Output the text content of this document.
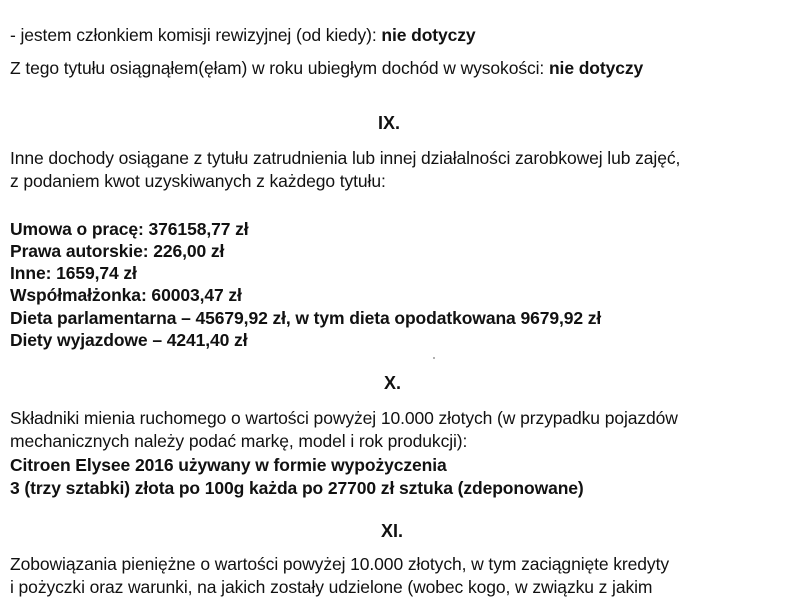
- jestem członkiem komisji rewizyjnej (od kiedy): nie dotyczy
Z tego tytułu osiągnąłem(ęłam) w roku ubiegłym dochód w wysokości: nie dotyczy
IX.
Inne dochody osiągane z tytułu zatrudnienia lub innej działalności zarobkowej lub zajęć,
z podaniem kwot uzyskiwanych z każdego tytułu:
Umowa o pracę: 376158,77 zł
Prawa autorskie: 226,00 zł
Inne: 1659,74 zł
Współmałżonka: 60003,47 zł
Dieta parlamentarna – 45679,92 zł, w tym dieta opodatkowana 9679,92 zł
Diety wyjazdowe – 4241,40 zł
X.
Składniki mienia ruchomego o wartości powyżej 10.000 złotych (w przypadku pojazdów
mechanicznych należy podać markę, model i rok produkcji):
Citroen Elysee 2016 używany w formie wypożyczenia
3 (trzy sztabki) złota po 100g każda po 27700 zł sztuka (zdeponowane)
XI.
Zobowiązania pieniężne o wartości powyżej 10.000 złotych, w tym zaciągnięte kredyty
i pożyczki oraz warunki, na jakich zostały udzielone (wobec kogo, w związku z jakim
